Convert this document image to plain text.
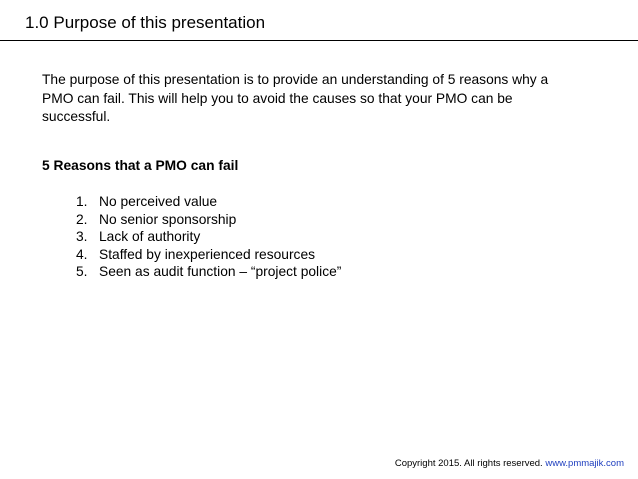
1.0 Purpose of this presentation

The purpose of this presentation is to provide an understanding of 5 reasons why a
PMO can fail. This will help you to avoid the causes so that your PMO can be
successful.

5 Reasons that a PMO can fail
1. No perceived value
2. No senior sponsorship
3. Lack of authority
4. Staffed by inexperienced resources
5. Seen as audit function – “project police”
Copyright 2015. All rights reserved. www.pmmajik.com
